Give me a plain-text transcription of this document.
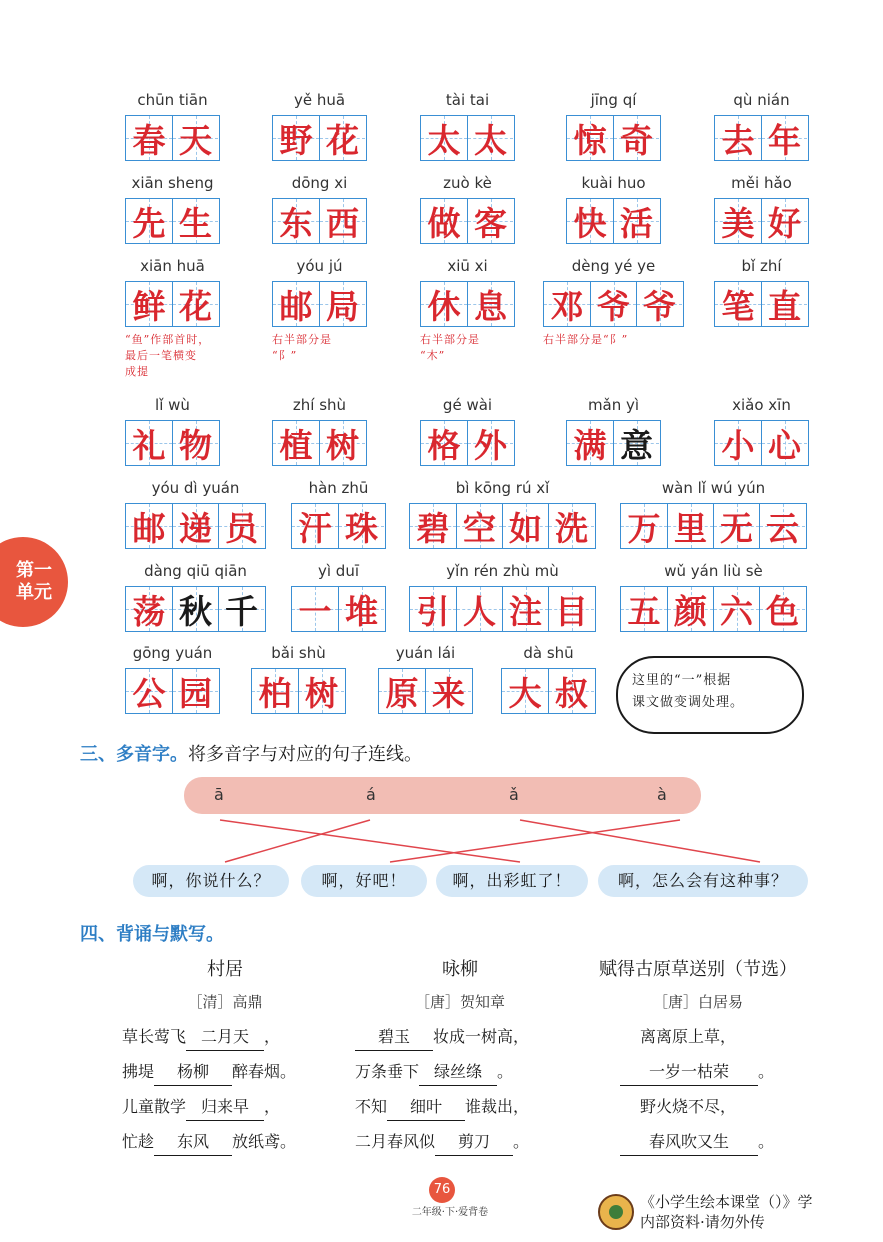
chūn tiān
春 天
yě huā
野 花
tài tai
太 太
jīng qí
惊 奇
qù nián
去 年
xiān sheng
先 生
dōng xi
东 西
zuò kè
做 客
kuài huo
快 活
měi hǎo
美 好
xiān huā
鲜 花
yóu jú
邮 局
xiū xi
休 息
dèng yé ye
邓 爷 爷
bǐ zhí
笔 直
lǐ wù
礼 物
zhí shù
植 树
gé wài
格 外
mǎn yì
满 意
xiǎo xīn
小 心
yóu dì yuán
邮 递 员
hàn zhū
汗 珠
bì kōng rú xǐ
碧 空 如 洗
wàn lǐ wú yún
万 里 无 云
dàng qiū qiān
荡 秋 千
yì duī
一 堆
yǐn rén zhù mù
引 人 注 目
wǔ yán liù sè
五 颜 六 色
gōng yuán
公 园
bǎi shù
柏 树
yuán lái
原 来
dà shū
大 叔
“鱼”作部首时，
最后一笔横变
成提
右半部分是
“阝”
右半部分是
“木”
右半部分是“阝”
第一
单元
这里的“一”根据
课文做变调处理。
三、多音字。将多音字与对应的句子连线。
ā	á	ǎ	à
啊，你说什么？	啊，好吧！	啊，出彩虹了！	啊，怎么会有这种事？
四、背诵与默写。
村居
［清］高鼎
草长莺飞 二月天 ，
拂堤 杨柳 醉春烟。
儿童散学 归来早 ，
忙趁 东风 放纸鸢。
咏柳
［唐］贺知章
碧玉 妆成一树高，
万条垂下 绿丝绦 。
不知 细叶 谁裁出，
二月春风似 剪刀 。
赋得古原草送别（节选）
［唐］白居易
离离原上草，
一岁一枯荣 。
野火烧不尽，
春风吹又生 。
76
二年级·下·爱背卷
《小学生绘本课堂（）》学
内部资料·请勿外传
